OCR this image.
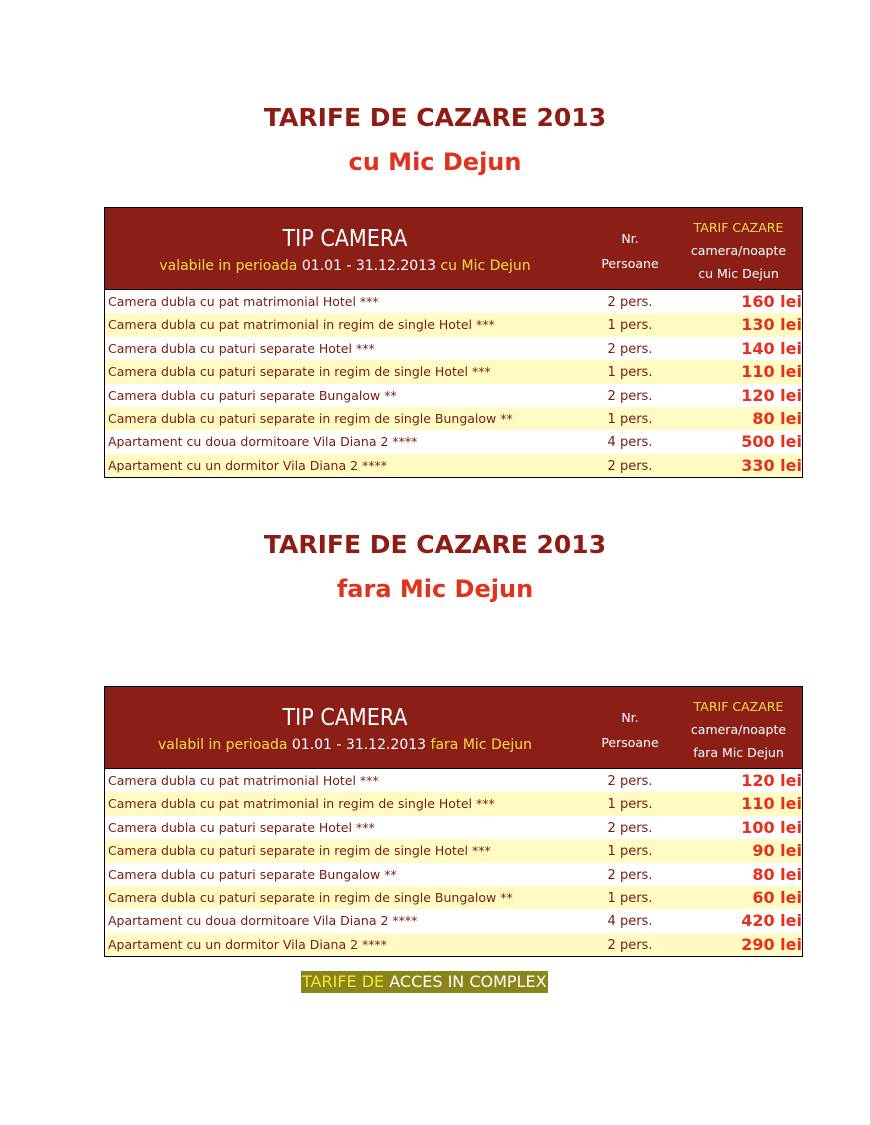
TARIFE DE CAZARE 2013
cu Mic Dejun
TIP CAMERA
valabile in perioada 01.01 - 31.12.2013 cu Mic Dejun
Nr.
Persoane
TARIF CAZARE
camera/noapte
cu Mic Dejun
Camera dubla cu pat matrimonial Hotel ***	2 pers.	160 lei
Camera dubla cu pat matrimonial in regim de single Hotel ***	1 pers.	130 lei
Camera dubla cu paturi separate Hotel ***	2 pers.	140 lei
Camera dubla cu paturi separate in regim de single Hotel ***	1 pers.	110 lei
Camera dubla cu paturi separate Bungalow **	2 pers.	120 lei
Camera dubla cu paturi separate in regim de single Bungalow **	1 pers.	80 lei
Apartament cu doua dormitoare Vila Diana 2 ****	4 pers.	500 lei
Apartament cu un dormitor Vila Diana 2 ****	2 pers.	330 lei
TARIFE DE CAZARE 2013
fara Mic Dejun
TIP CAMERA
valabil in perioada 01.01 - 31.12.2013 fara Mic Dejun
Nr.
Persoane
TARIF CAZARE
camera/noapte
fara Mic Dejun
Camera dubla cu pat matrimonial Hotel ***	2 pers.	120 lei
Camera dubla cu pat matrimonial in regim de single Hotel ***	1 pers.	110 lei
Camera dubla cu paturi separate Hotel ***	2 pers.	100 lei
Camera dubla cu paturi separate in regim de single Hotel ***	1 pers.	90 lei
Camera dubla cu paturi separate Bungalow **	2 pers.	80 lei
Camera dubla cu paturi separate in regim de single Bungalow **	1 pers.	60 lei
Apartament cu doua dormitoare Vila Diana 2 ****	4 pers.	420 lei
Apartament cu un dormitor Vila Diana 2 ****	2 pers.	290 lei
TARIFE DE ACCES IN COMPLEX
